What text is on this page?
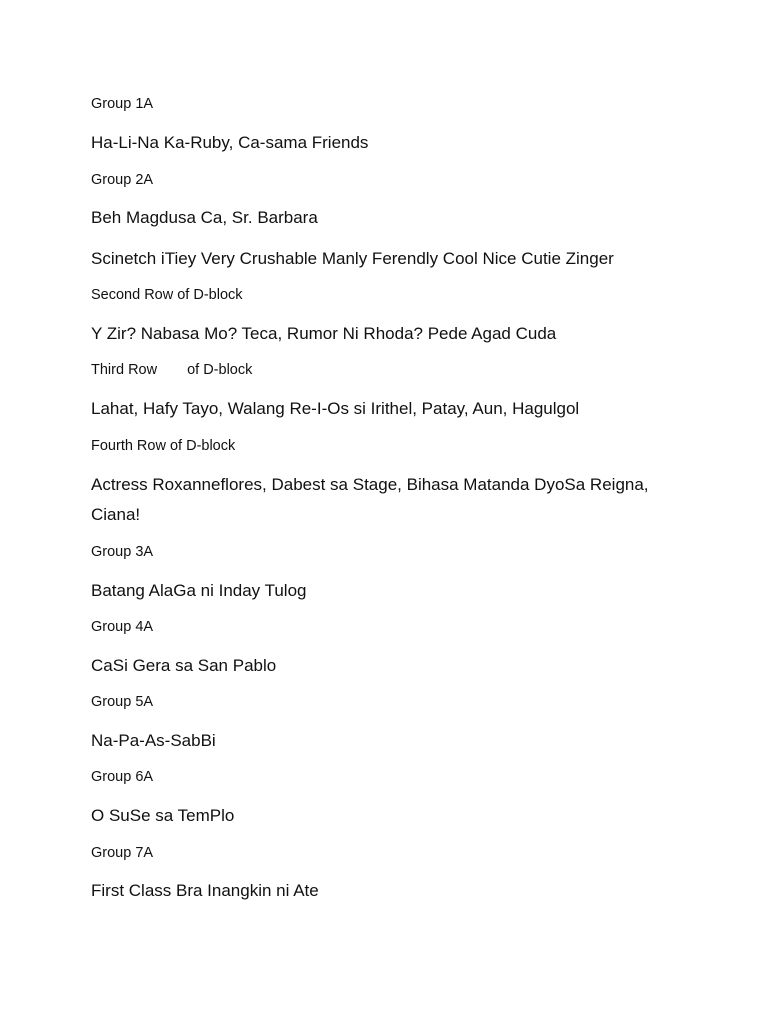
Group 1A
Ha-Li-Na Ka-Ruby, Ca-sama Friends
Group 2A
Beh Magdusa Ca, Sr. Barbara
Scinetch iTiey Very Crushable Manly Ferendly Cool Nice Cutie Zinger
Second Row of D-block
Y Zir? Nabasa Mo? Teca, Rumor Ni Rhoda? Pede Agad Cuda
Third Row of D-block
Lahat, Hafy Tayo, Walang Re-I-Os si Irithel, Patay, Aun, Hagulgol
Fourth Row of D-block
Actress Roxanneflores, Dabest sa Stage, Bihasa Matanda DyoSa Reigna, Ciana!
Group 3A
Batang AlaGa ni Inday Tulog
Group 4A
CaSi Gera sa San Pablo
Group 5A
Na-Pa-As-SabBi
Group 6A
O SuSe sa TemPlo
Group 7A
First Class Bra Inangkin ni Ate
